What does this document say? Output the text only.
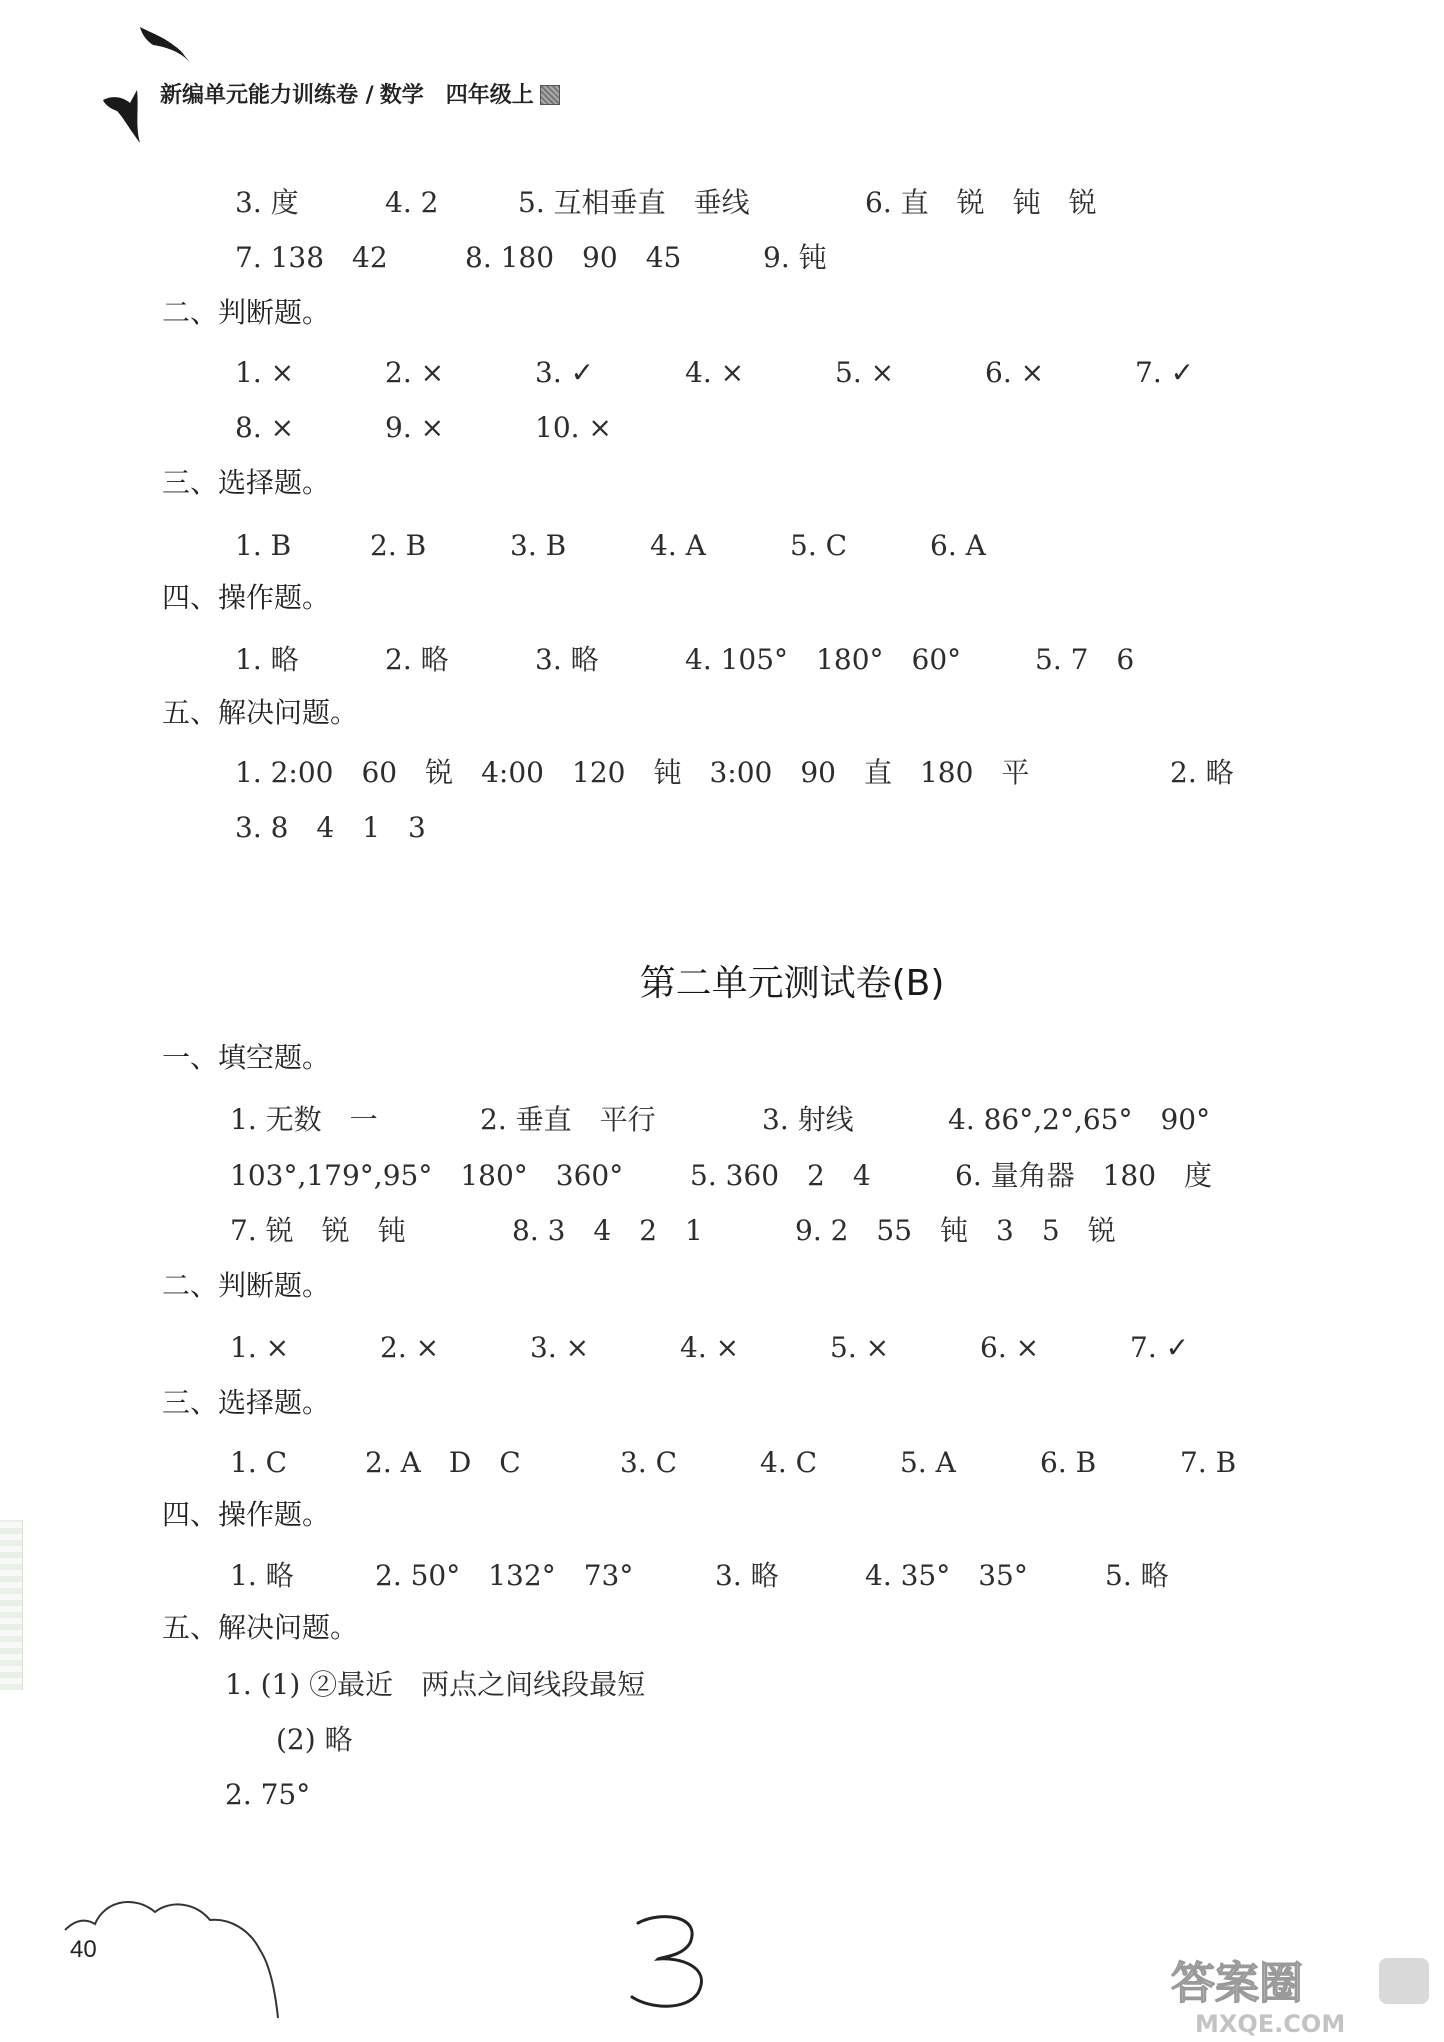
新编单元能力训练卷 / 数学 四年级上
3. 度	4. 2	5. 互相垂直　垂线	6. 直　锐　钝　锐
7. 138　42	8. 180　90　45	9. 钝
二、判断题。
1. ×	2. ×	3. ✓	4. ×	5. ×	6. ×	7. ✓
8. ×	9. ×	10. ×
三、选择题。
1. B	2. B	3. B	4. A	5. C	6. A
四、操作题。
1. 略	2. 略	3. 略	4. 105°　180°　60°	5. 7　6
五、解决问题。
1. 2:00　60　锐　4:00　120　钝　3:00　90　直　180　平	2. 略
3. 8　4　1　3
第二单元测试卷(B)
一、填空题。
1. 无数　一	2. 垂直　平行	3. 射线	4. 86°,2°,65°　90°
103°,179°,95°　180°　360° 5. 360　2　4	6. 量角器　180　度
7. 锐　锐　钝	8. 3　4　2　1	9. 2　55　钝　3　5　锐
二、判断题。
1. ×	2. ×	3. ×	4. ×	5. ×	6. ×	7. ✓
三、选择题。
1. C	2. A　D　C	3. C	4. C	5. A	6. B	7. B
四、操作题。
1. 略	2. 50°　132°　73°	3. 略	4. 35°　35°	5. 略
五、解决问题。
1. (1) ②最近　两点之间线段最短
(2) 略
2. 75°
40
答案圈
MXQE.COM
